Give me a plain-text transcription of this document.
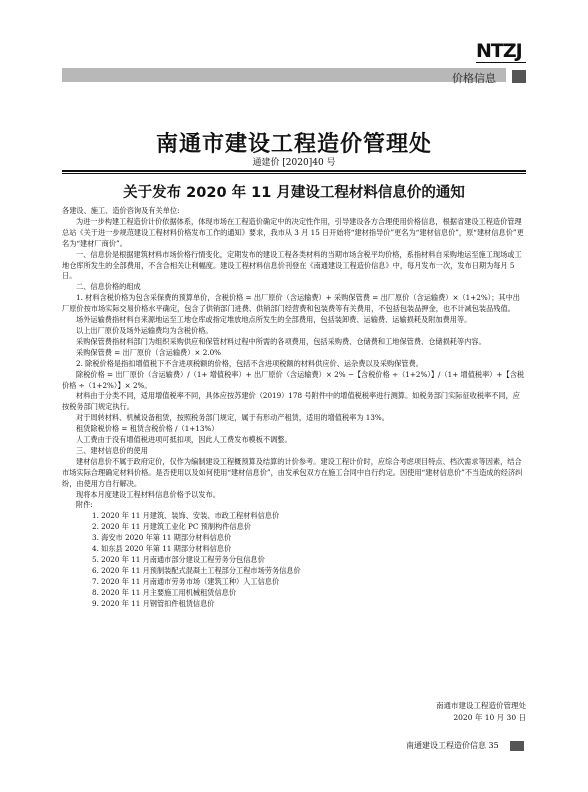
NTZJ
价格信息
南通市建设工程造价管理处
通建价 [2020]40 号
关于发布 2020 年 11 月建设工程材料信息价的通知

各建设、施工、造价咨询及有关单位:

为进一步构建工程造价计价依据体系，体现市场在工程造价确定中的决定性作用，引导建设各方合理使用价格信息，根据省建设工程造价管理总站《关于进一步规范建设工程材料价格发布工作的通知》要求，我市从 3 月 15 日开始将“建材指导价”更名为“建材信息价”，原“建材信息价”更名为“建材厂商价”。

一、信息价是根据建筑材料市场价格行情变化，定期发布的建设工程各类材料的当期市场含税平均价格，系指材料自采购地运至施工现场或工地仓库所发生的全部费用，不含合相关让利幅度。建设工程材料信息价刊登在《南通建设工程造价信息》中，每月发布一次，发布日期为每月 5 日。

二、信息价格的组成

1. 材料含税价格为包含采保费的预算单价，含税价格 = 出厂原价（含运输费）+ 采购保管费 = 出厂原价（含运输费）×（1+2%）；其中出厂原价按市场实际交易价格水平确定，包含了供销部门进费、供销部门经营费和包装费等有关费用，不包括包装品押金，也不计减包装品残值。

场外运输费指材料自来源地运至工地仓库或指定堆放地点所发生的全部费用，包括装卸费、运输费、运输损耗及附加费用等。

以上出厂原价及场外运输费均为含税价格。

采购保管费指材料部门为组织采购供应和保管材料过程中所需的各项费用，包括采购费、仓储费和工地保管费、仓储损耗等内容。

采购保管费 = 出厂原价（含运输费）× 2.0%

2. 除税价格是指扣增值税下不含进项税额的价格，包括不含进项税额的材料供应价、运杂费以及采购保管费。

除税价格 = 出厂原价（含运输费）/（1+ 增值税率）+ 出厂原价（含运输费）× 2% −【含税价格 ÷（1+2%）】/（1+ 增值税率）+【含税价格 ÷（1+2%）】× 2%。

材料由于分类不同，适用增值税率不同，具体应按苏建价（2019）178 号附件中的增值税税率进行测算。如税务部门实际征收税率不同，应按税务部门规定执行。

对于周转材料、机械设备租赁，按照税务部门规定，属于有形动产租赁，适用的增值税率为 13%。

租赁除税价格 = 租赁含税价格 /（1+13%）

人工费由于没有增值税进项可抵扣项，因此人工费发布模板不调整。

三、建材信息价的使用

建材信息价不属于政府定价，仅作为编制建设工程概预算及结算的计价参考。建设工程计价时，应综合考虑项目特点、档次需求等因素，结合市场实际合理确定材料价格。是否使用以及如何使用“建材信息价”，由发承包双方在施工合同中自行约定。因使用“建材信息价”不当造成的经济纠纷，由使用方自行解决。

现将本月度建设工程材料信息价格予以发布。

附件:

1. 2020 年 11 月建筑、装饰、安装、市政工程材料信息价

2. 2020 年 11 月建筑工业化 PC 预制构件信息价

3. 海安市 2020 年第 11 期部分材料信息价

4. 如东县 2020 年第 11 期部分材料信息价

5. 2020 年 11 月南通市部分建设工程劳务分包信息价

6. 2020 年 11 月预制装配式混凝土工程部分工程市场劳务信息价

7. 2020 年 11 月南通市劳务市场（建筑工种）人工信息价

8. 2020 年 11 月主要施工用机械租赁信息价

9. 2020 年 11 月钢管扣件租赁信息价

南通市建设工程造价管理处
2020 年 10 月 30 日
南通建设工程造价信息 35
